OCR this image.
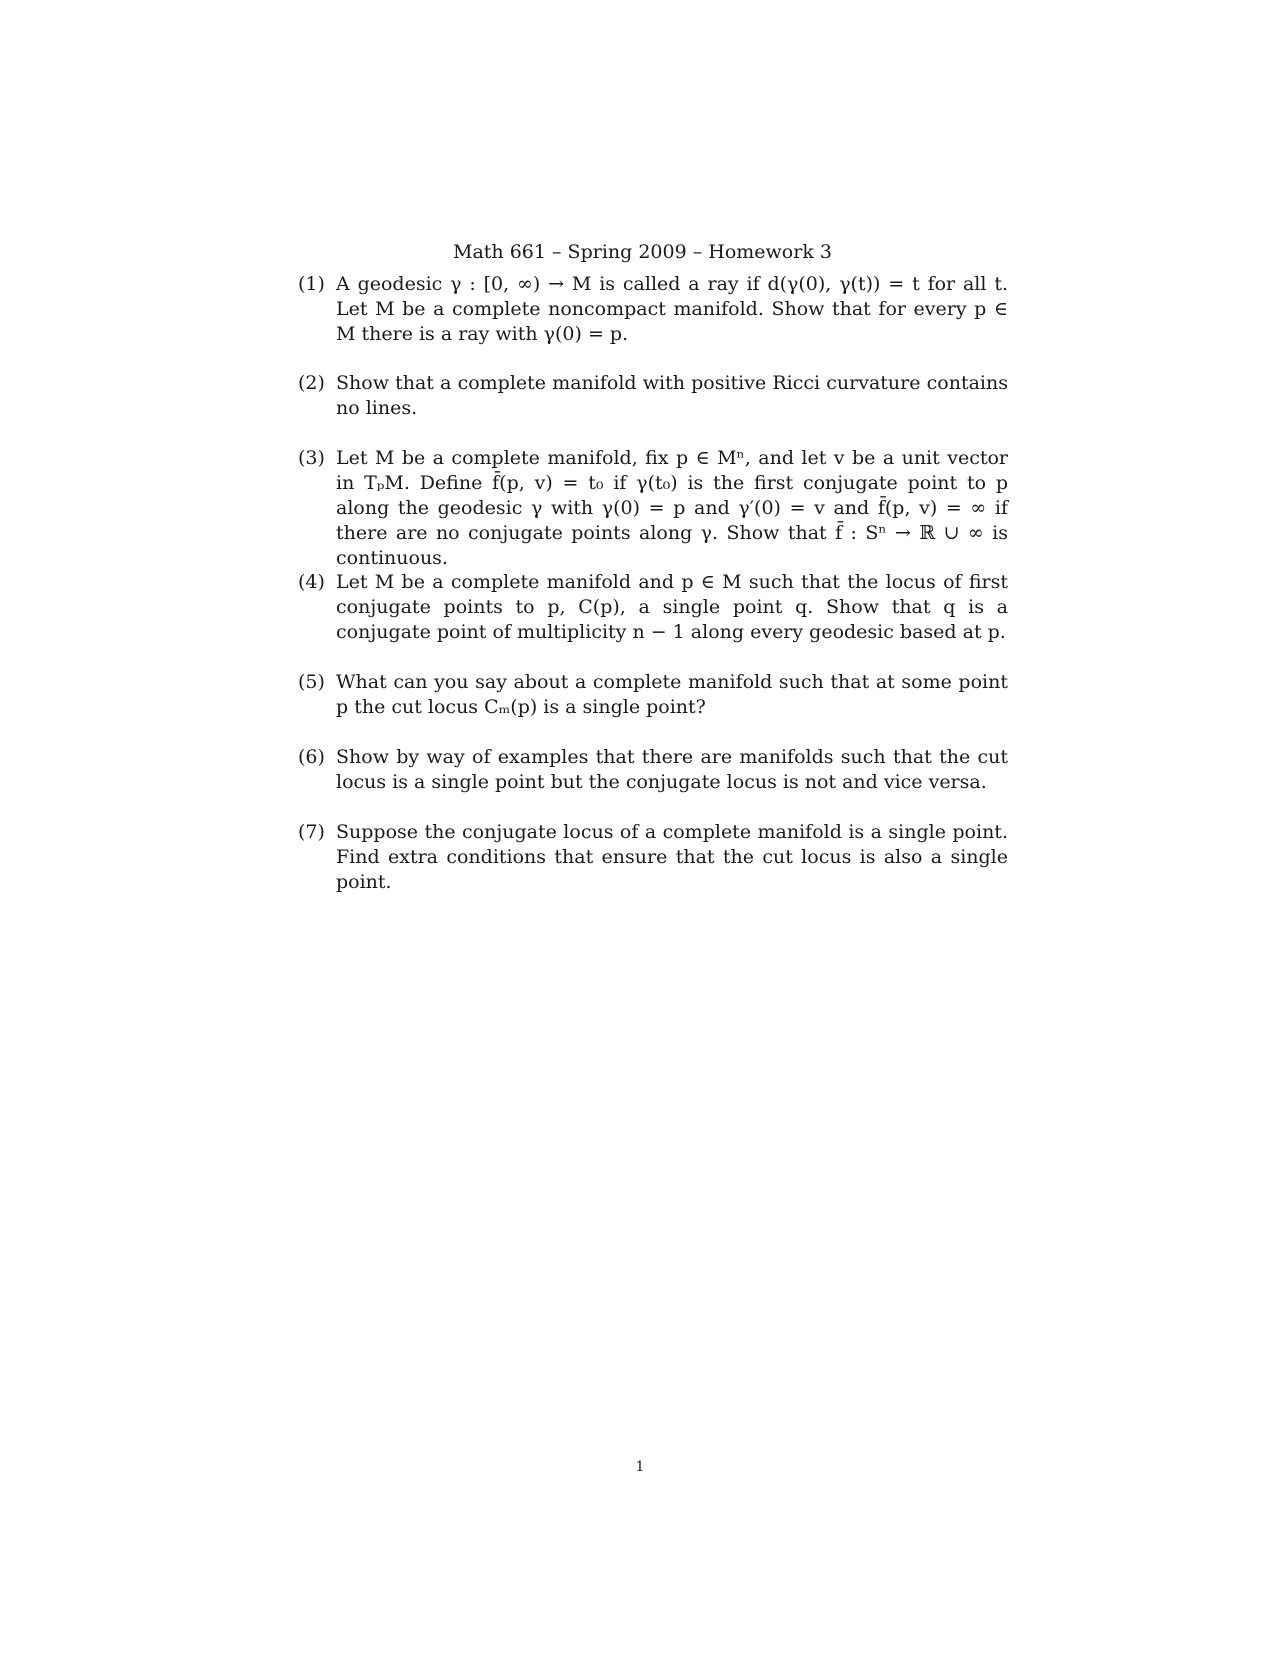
Math 661 – Spring 2009 – Homework 3
(1) A geodesic γ : [0, ∞) → M is called a ray if d(γ(0), γ(t)) = t for all t. Let M be a complete noncompact manifold. Show that for every p ∈ M there is a ray with γ(0) = p.
(2) Show that a complete manifold with positive Ricci curvature contains no lines.
(3) Let M be a complete manifold, fix p ∈ Mⁿ, and let v be a unit vector in TₚM. Define f̄(p, v) = t₀ if γ(t₀) is the first conjugate point to p along the geodesic γ with γ(0) = p and γ′(0) = v and f̄(p, v) = ∞ if there are no conjugate points along γ. Show that f̄ : Sⁿ → ℝ ∪ ∞ is continuous.
(4) Let M be a complete manifold and p ∈ M such that the locus of first conjugate points to p, C(p), a single point q. Show that q is a conjugate point of multiplicity n − 1 along every geodesic based at p.
(5) What can you say about a complete manifold such that at some point p the cut locus Cₘ(p) is a single point?
(6) Show by way of examples that there are manifolds such that the cut locus is a single point but the conjugate locus is not and vice versa.
(7) Suppose the conjugate locus of a complete manifold is a single point. Find extra conditions that ensure that the cut locus is also a single point.
1
